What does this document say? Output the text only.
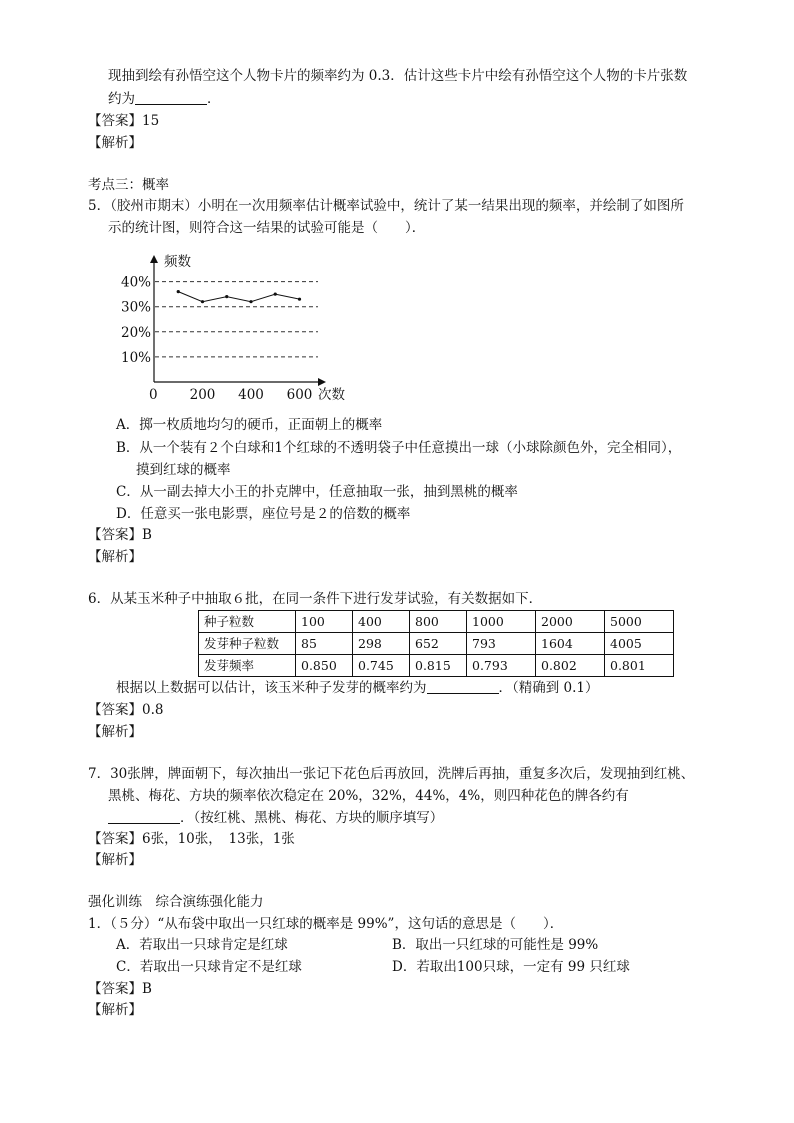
现抽到绘有孙悟空这个人物卡片的频率约为 0.3．估计这些卡片中绘有孙悟空这个人物的卡片张数
约为	．
【答案】15
【解析】
考点三：概率
5．（胶州市期末）小明在一次用频率估计概率试验中，统计了某一结果出现的频率，并绘制了如图所
示的统计图，则符合这一结果的试验可能是（　　）．
10%
20%
30%
40%
200 400 600
频数
次数
0
A．掷一枚质地均匀的硬币，正面朝上的概率
B．从一个装有２个白球和1个红球的不透明袋子中任意摸出一球（小球除颜色外，完全相同），
摸到红球的概率
C．从一副去掉大小王的扑克牌中，任意抽取一张，抽到黑桃的概率
D．任意买一张电影票，座位号是２的倍数的概率
【答案】B
【解析】
6．从某玉米种子中抽取６批，在同一条件下进行发芽试验，有关数据如下．
种子粒数	100	400	800	1000	2000	5000
发芽种子粒数	85	298	652	793	1604	4005
发芽频率	0.850	0.745	0.815	0.793	0.802	0.801
根据以上数据可以估计，该玉米种子发芽的概率约为	．（精确到 0.1）
【答案】0.8
【解析】
7．30张牌，牌面朝下，每次抽出一张记下花色后再放回，洗牌后再抽，重复多次后，发现抽到红桃、
黑桃、梅花、方块的频率依次稳定在 20%，32%，44%，4%，则四种花色的牌各约有
．（按红桃、黑桃、梅花、方块的顺序填写）
【答案】6张，10张，　13张，1张
【解析】
强化训练　综合演练强化能力
1．（５分）“从布袋中取出一只红球的概率是 99%”，这句话的意思是（　　）．
A．若取出一只球肯定是红球	B．取出一只红球的可能性是 99%
C．若取出一只球肯定不是红球	D．若取出100只球，一定有 99 只红球
【答案】B
【解析】
